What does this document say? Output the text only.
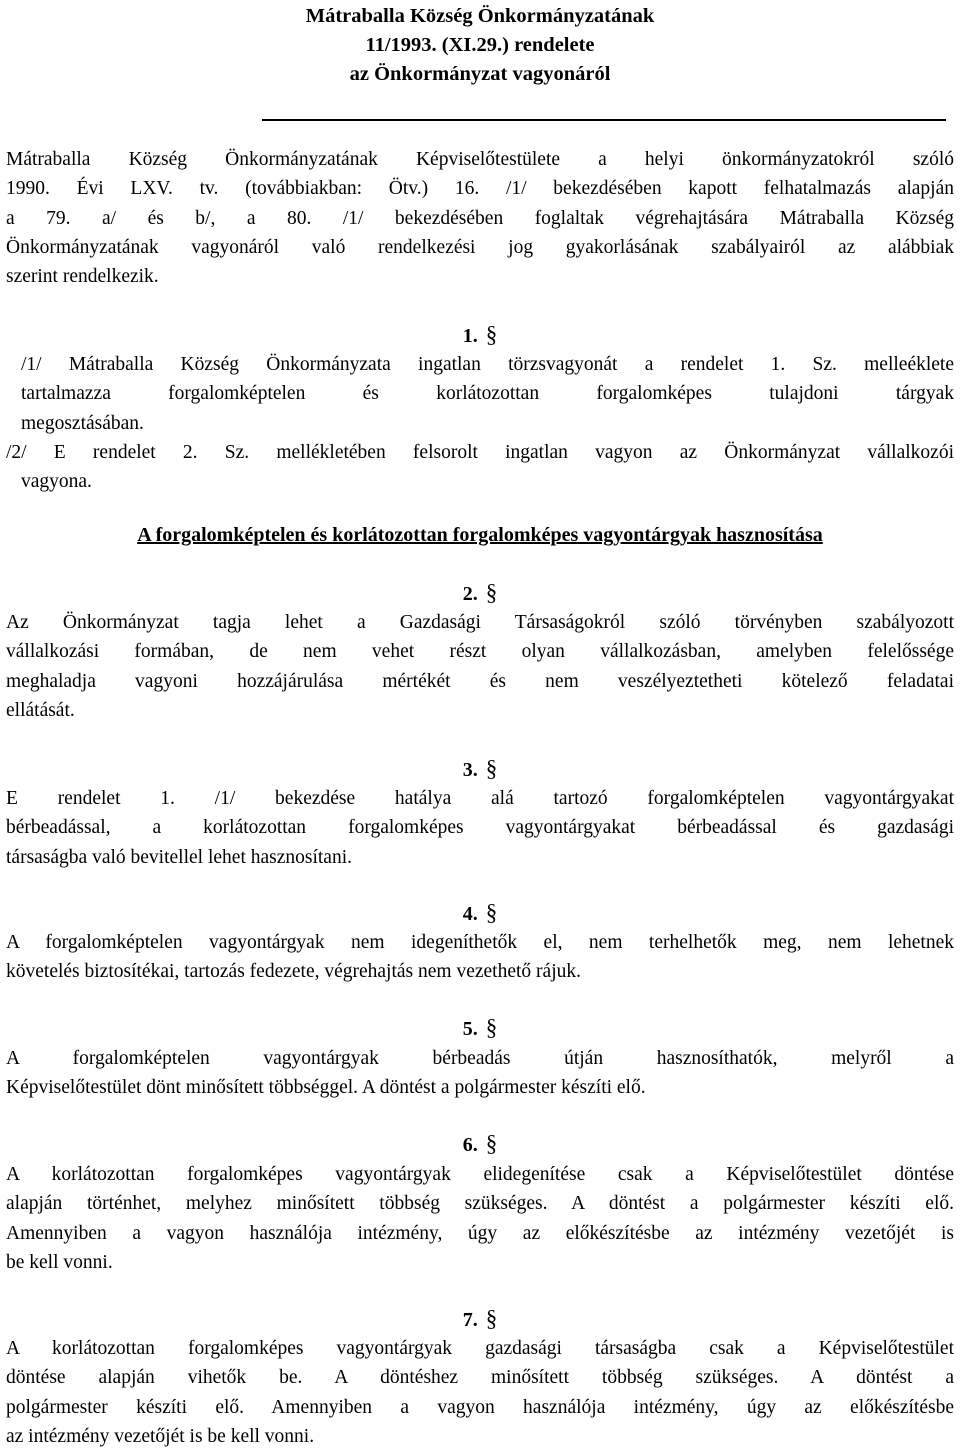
Mátraballa Község Önkormányzatának
11/1993. (XI.29.) rendelete
az Önkormányzat vagyonáról
Mátraballa Község Önkormányzatának Képviselőtestülete a helyi önkormányzatokról szóló
1990. Évi LXV. tv. (továbbiakban: Ötv.) 16. /1/ bekezdésében kapott felhatalmazás alapján
a 79. a/ és b/, a 80. /1/ bekezdésében foglaltak végrehajtására Mátraballa Község
Önkormányzatának vagyonáról való rendelkezési jog gyakorlásának szabályairól az alábbiak
szerint rendelkezik.
1. §
/1/ Mátraballa Község Önkormányzata ingatlan törzsvagyonát a rendelet 1. Sz. melleéklete
tartalmazza forgalomképtelen és korlátozottan forgalomképes tulajdoni tárgyak
megosztásában.
/2/ E rendelet 2. Sz. mellékletében felsorolt ingatlan vagyon az Önkormányzat vállalkozói
vagyona.
A forgalomképtelen és korlátozottan forgalomképes vagyontárgyak hasznosítása
2. §
Az Önkormányzat tagja lehet a Gazdasági Társaságokról szóló törvényben szabályozott
vállalkozási formában, de nem vehet részt olyan vállalkozásban, amelyben felelőssége
meghaladja vagyoni hozzájárulása mértékét és nem veszélyeztetheti kötelező feladatai
ellátását.
3. §
E rendelet 1. /1/ bekezdése hatálya alá tartozó forgalomképtelen vagyontárgyakat
bérbeadással, a korlátozottan forgalomképes vagyontárgyakat bérbeadással és gazdasági
társaságba való bevitellel lehet hasznosítani.
4. §
A forgalomképtelen vagyontárgyak nem idegeníthetők el, nem terhelhetők meg, nem lehetnek
követelés biztosítékai, tartozás fedezete, végrehajtás nem vezethető rájuk.
5. §
A forgalomképtelen vagyontárgyak bérbeadás útján hasznosíthatók, melyről a
Képviselőtestület dönt minősített többséggel. A döntést a polgármester készíti elő.
6. §
A korlátozottan forgalomképes vagyontárgyak elidegenítése csak a Képviselőtestület döntése
alapján történhet, melyhez minősített többség szükséges. A döntést a polgármester készíti elő.
Amennyiben a vagyon használója intézmény, úgy az előkészítésbe az intézmény vezetőjét is
be kell vonni.
7. §
A korlátozottan forgalomképes vagyontárgyak gazdasági társaságba csak a Képviselőtestület
döntése alapján vihetők be. A döntéshez minősített többség szükséges. A döntést a
polgármester készíti elő. Amennyiben a vagyon használója intézmény, úgy az előkészítésbe
az intézmény vezetőjét is be kell vonni.
